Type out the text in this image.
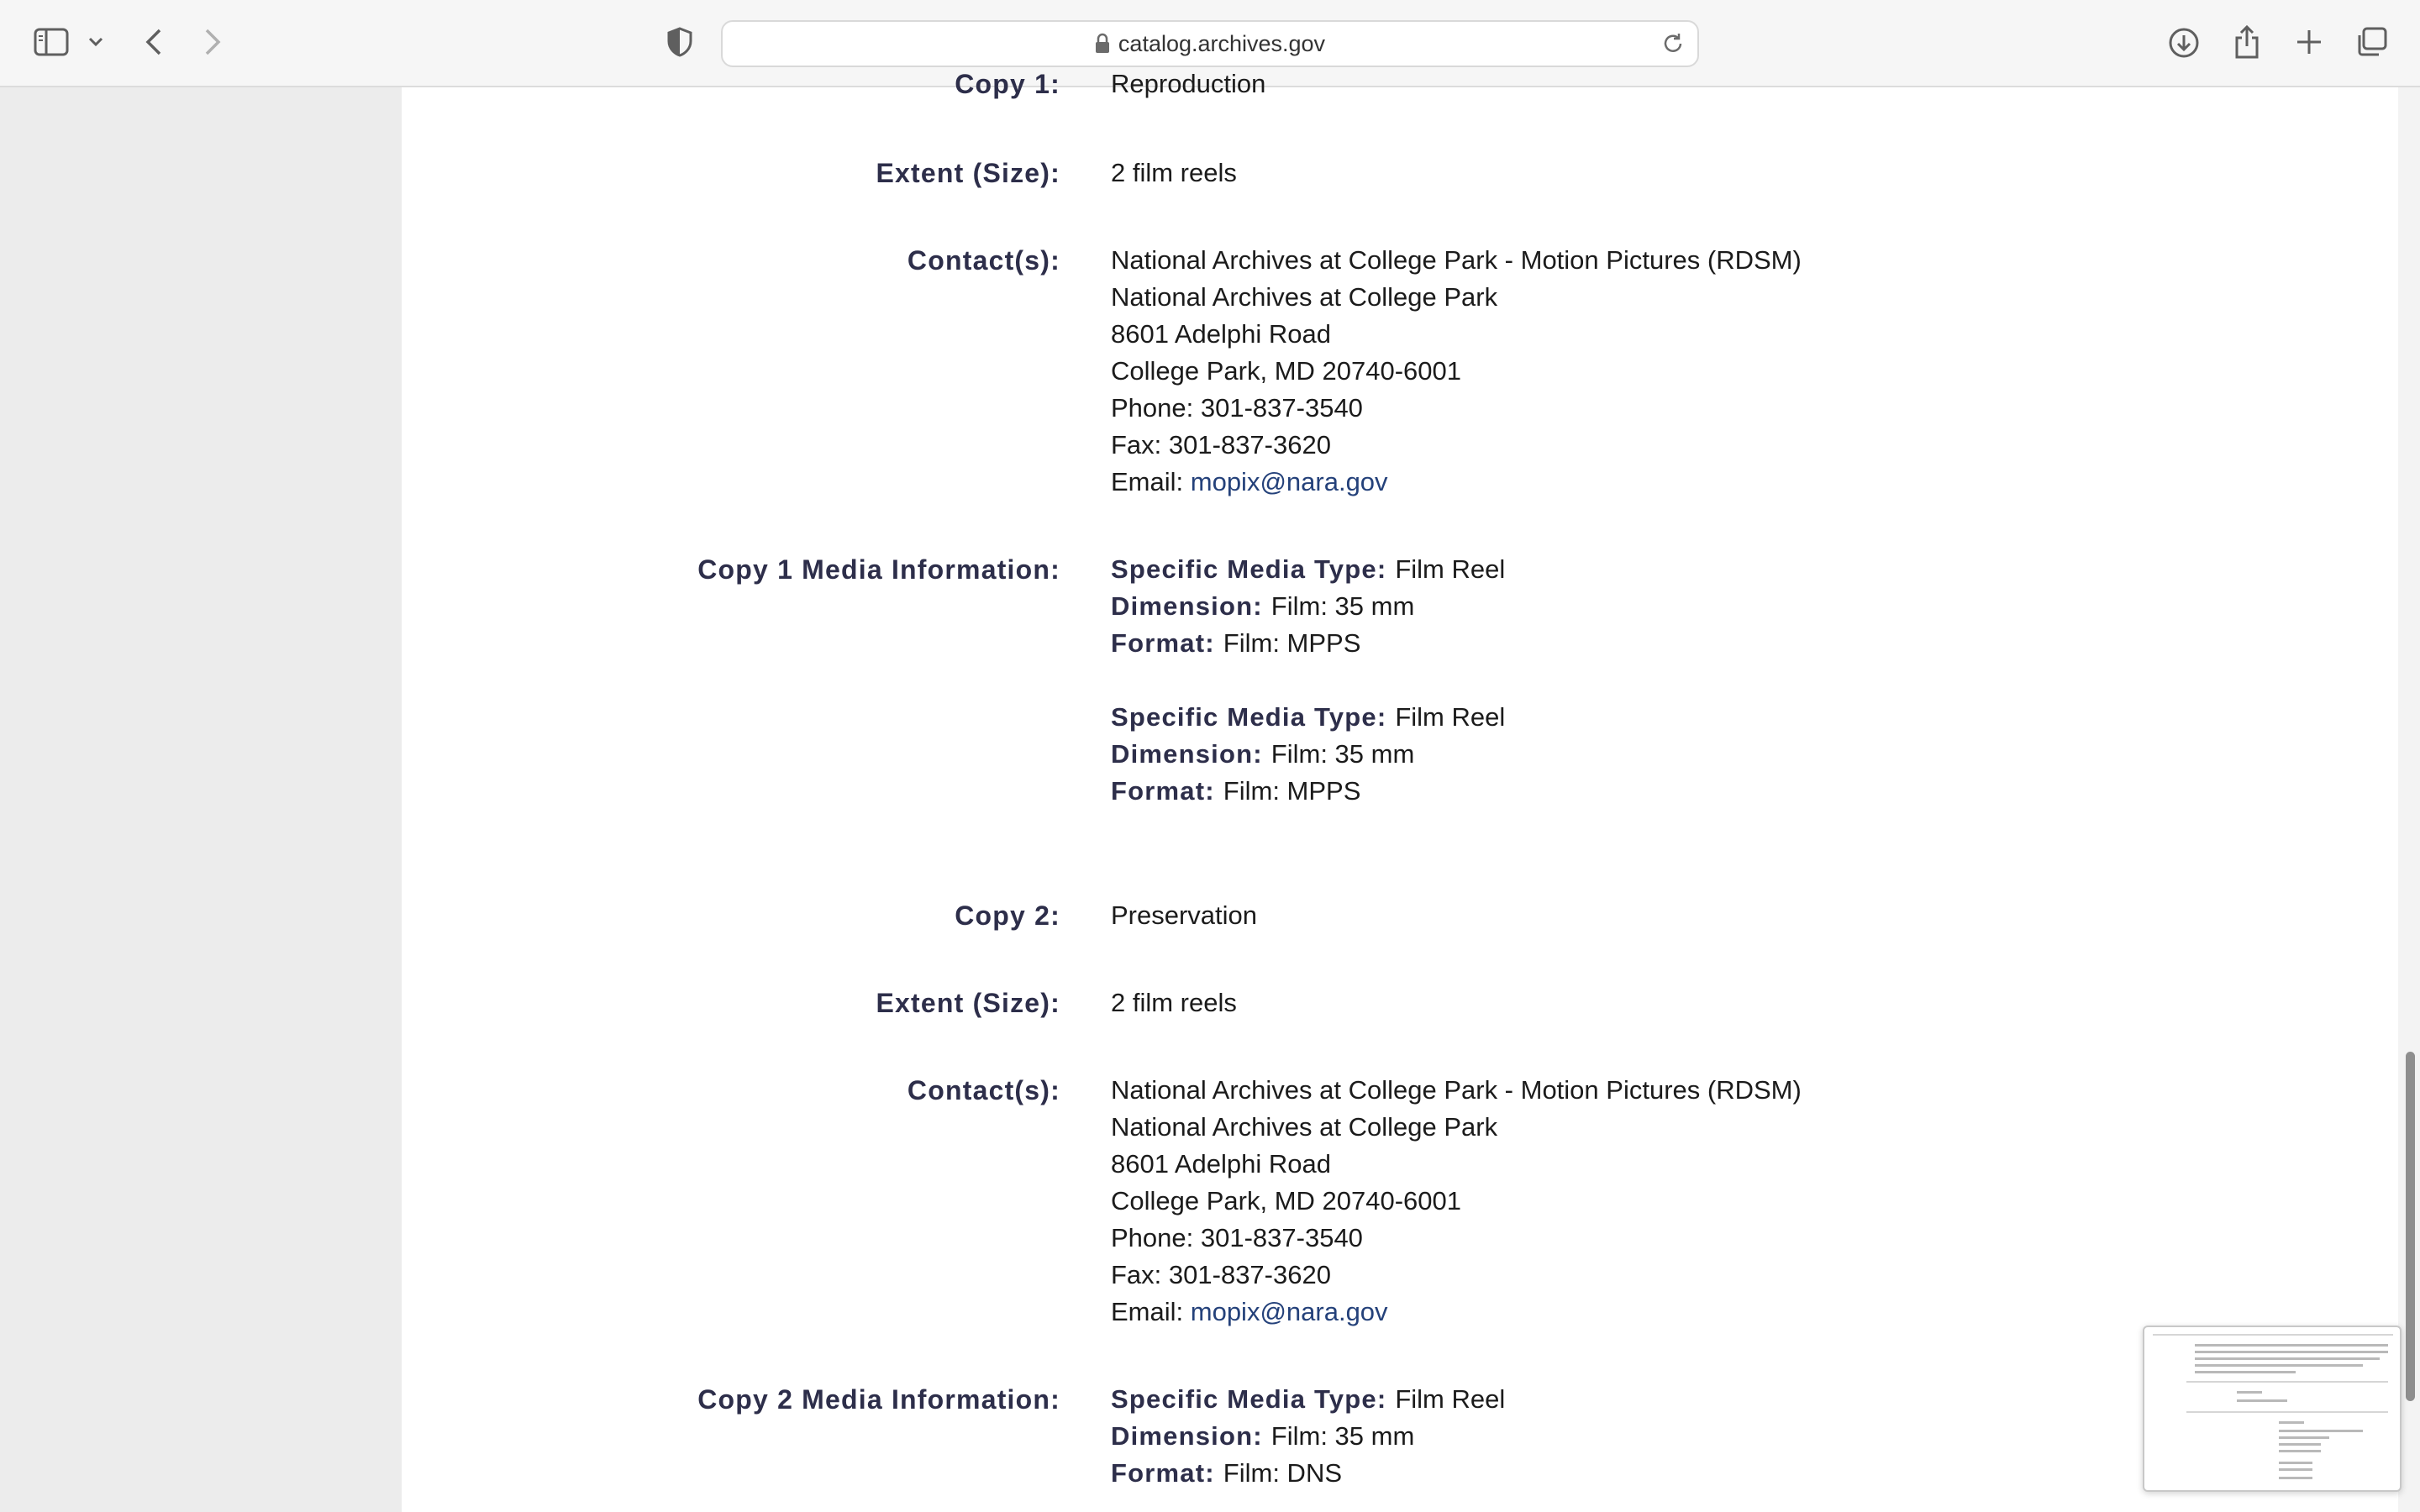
catalog.archives.gov
Copy 1: Reproduction
Extent (Size): 2 film reels
Contact(s): National Archives at College Park - Motion Pictures (RDSM)
National Archives at College Park
8601 Adelphi Road
College Park, MD 20740-6001
Phone: 301-837-3540
Fax: 301-837-3620
Email: mopix@nara.gov
Copy 1 Media Information: Specific Media Type: Film Reel
Dimension: Film: 35 mm
Format: Film: MPPS
Specific Media Type: Film Reel
Dimension: Film: 35 mm
Format: Film: MPPS
Copy 2: Preservation
Extent (Size): 2 film reels
Contact(s): National Archives at College Park - Motion Pictures (RDSM)
National Archives at College Park
8601 Adelphi Road
College Park, MD 20740-6001
Phone: 301-837-3540
Fax: 301-837-3620
Email: mopix@nara.gov
Copy 2 Media Information: Specific Media Type: Film Reel
Dimension: Film: 35 mm
Format: Film: DNS
